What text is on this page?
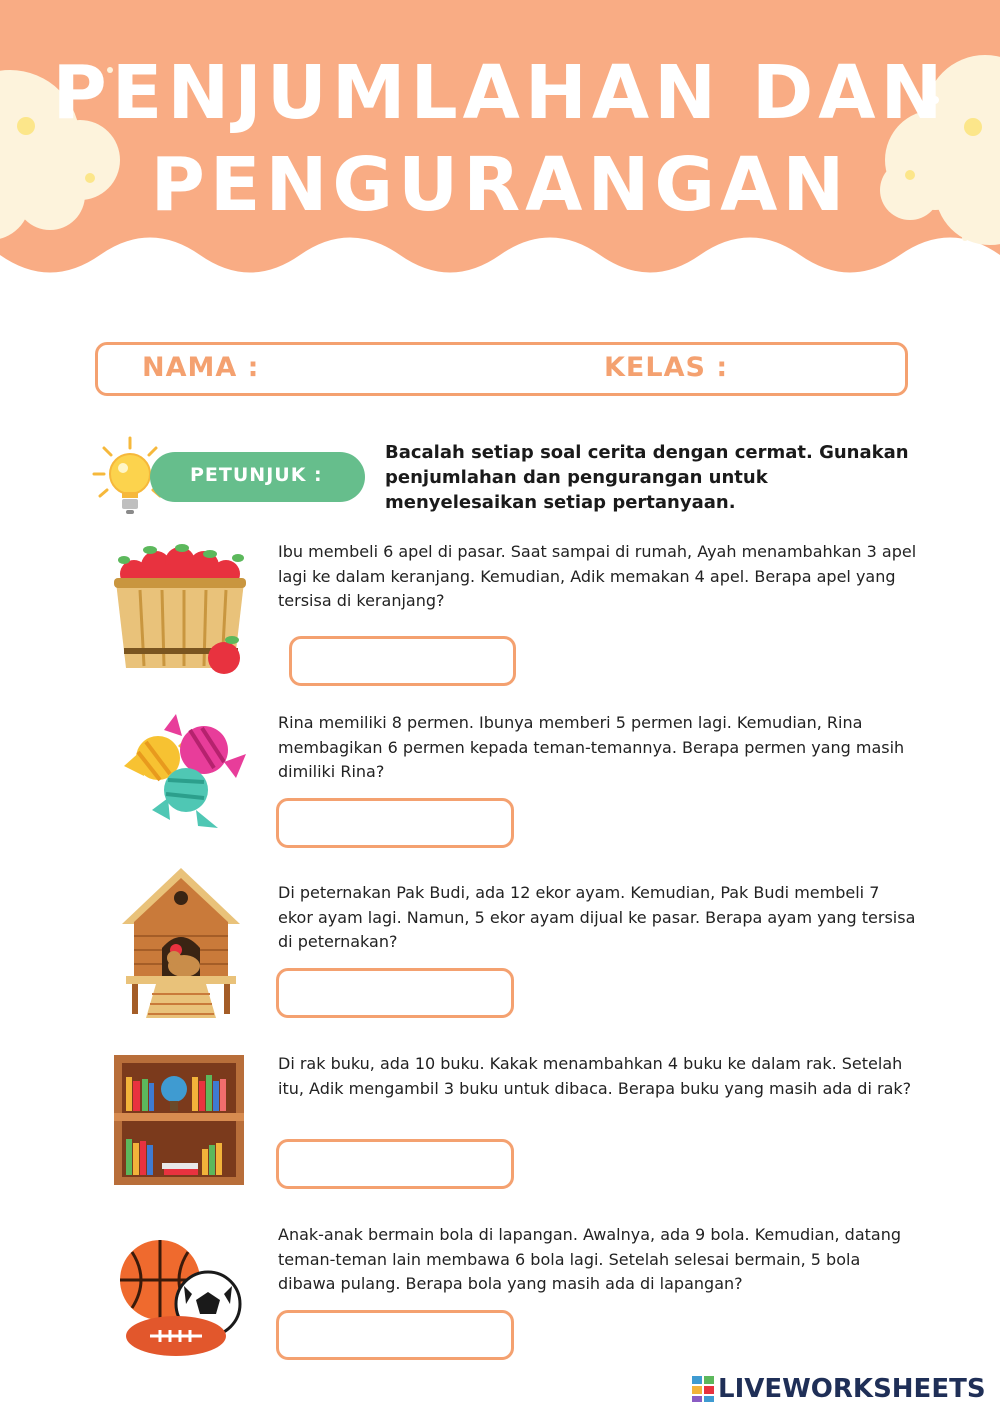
PENJUMLAHAN DAN
PENGURANGAN
NAMA :	KELAS :
PETUNJUK :
Bacalah setiap soal cerita dengan cermat. Gunakan penjumlahan dan pengurangan untuk menyelesaikan setiap pertanyaan.
Ibu membeli 6 apel di pasar. Saat sampai di rumah, Ayah menambahkan 3 apel lagi ke dalam keranjang. Kemudian, Adik memakan 4 apel. Berapa apel yang tersisa di keranjang?
Rina memiliki 8 permen. Ibunya memberi 5 permen lagi. Kemudian, Rina membagikan 6 permen kepada teman-temannya. Berapa permen yang masih dimiliki Rina?
Di peternakan Pak Budi, ada 12 ekor ayam. Kemudian, Pak Budi membeli 7 ekor ayam lagi. Namun, 5 ekor ayam dijual ke pasar. Berapa ayam yang tersisa di peternakan?
Di rak buku, ada 10 buku. Kakak menambahkan 4 buku ke dalam rak. Setelah itu, Adik mengambil 3 buku untuk dibaca. Berapa buku yang masih ada di rak?
Anak-anak bermain bola di lapangan. Awalnya, ada 9 bola. Kemudian, datang teman-teman lain membawa 6 bola lagi. Setelah selesai bermain, 5 bola dibawa pulang. Berapa bola yang masih ada di lapangan?
LIVEWORKSHEETS
